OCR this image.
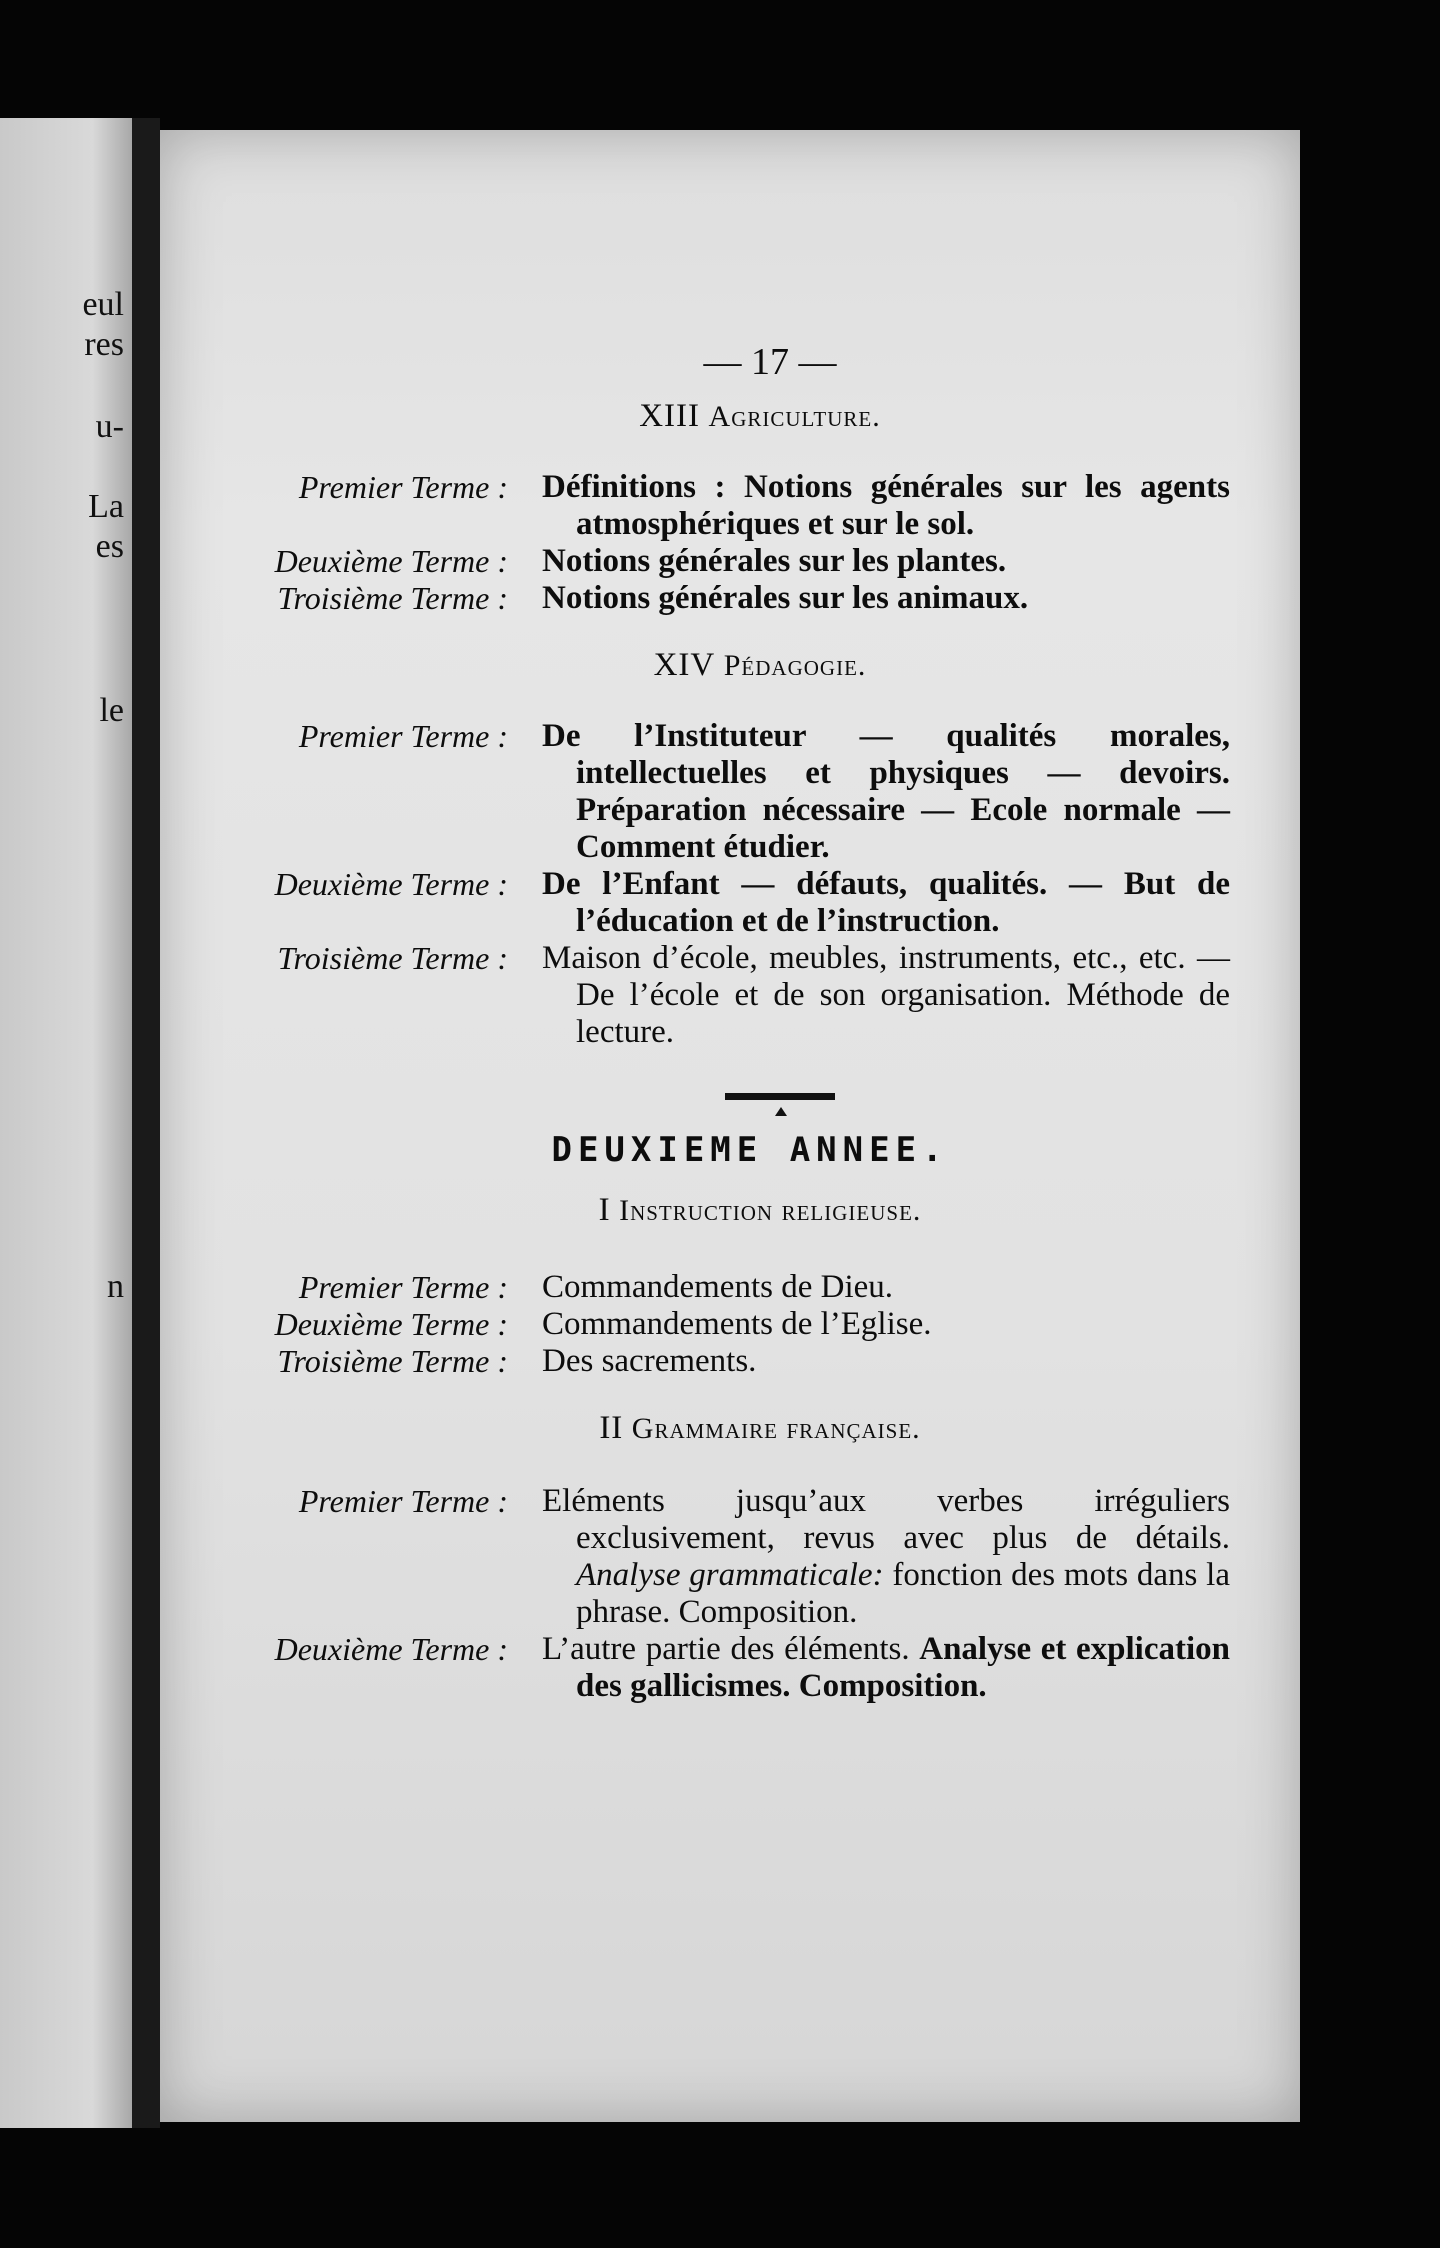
eul
res
u-
La
es
le
n
— 17 —
XIII Agriculture.
Premier Terme :	Définitions : Notions générales sur les agents atmosphériques et sur le sol.
Deuxième Terme :	Notions générales sur les plantes.
Troisième Terme :	Notions générales sur les animaux.
XIV Pédagogie.
Premier Terme :	De l’Instituteur — qualités morales, intellectuelles et physiques — devoirs. Préparation nécessaire — Ecole normale — Comment étudier.
Deuxième Terme :	De l’Enfant — défauts, qualités. — But de l’éducation et de l’instruction.
Troisième Terme :	Maison d’école, meubles, instruments, etc., etc. — De l’école et de son organisation. Méthode de lecture.
DEUXIEME ANNEE.
I Instruction religieuse.
Premier Terme :	Commandements de Dieu.
Deuxième Terme :	Commandements de l’Eglise.
Troisième Terme :	Des sacrements.
II Grammaire française.
Premier Terme :	Eléments jusqu’aux verbes irréguliers exclusivement, revus avec plus de détails. Analyse grammaticale: fonction des mots dans la phrase. Composition.
Deuxième Terme :	L’autre partie des éléments. Analyse et explication des gallicismes. Composition.
